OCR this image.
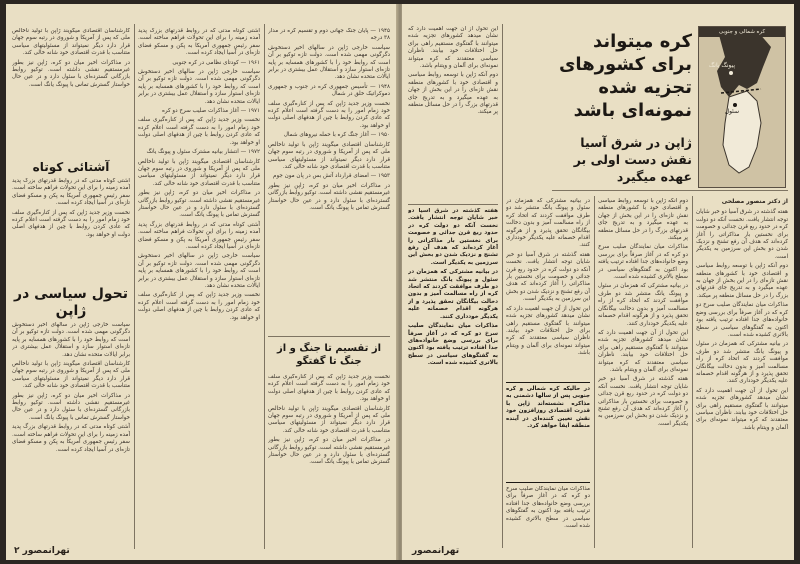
۱۹۴۵ — پایان جنگ جهانی دوم و تقسیم کره در مدار ۳۸ درجه

سیاست خارجی ژاپن در سالهای اخیر دستخوش دگرگونی مهمی شده است. دولت تازه توکیو بر آن است که روابط خود را با کشورهای همسایه بر پایه تازه‌ای استوار سازد و استقلال عمل بیشتری در برابر ایالات متحده نشان دهد.

۱۹۴۸ — تأسیس جمهوری کره در جنوب و جمهوری دموکراتیک خلق در شمال

نخست وزیر جدید ژاپن که پس از کناره‌گیری سلف خود زمام امور را به دست گرفته است اعلام کرده که عادی کردن روابط با چین از هدفهای اصلی دولت او خواهد بود.

۱۹۵۰ — آغاز جنگ کره با حمله نیروهای شمال

کارشناسان اقتصادی میگویند ژاپن با تولید ناخالص ملی که پس از آمریکا و شوروی در رتبه سوم جهان قرار دارد دیگر نمیتواند از مسئولیتهای سیاسی متناسب با قدرت اقتصادی خود شانه خالی کند.

۱۹۵۳ — امضای قرارداد آتش بس در پان مون جوم

در مذاکرات اخیر میان دو کره، ژاپن نیز بطور غیرمستقیم نقشی داشته است. توکیو روابط بازرگانی گسترده‌ای با سئول دارد و در عین حال خواستار گسترش تماس با پیونگ یانگ است.

آشتی کوتاه مدتی که در روابط قدرتهای بزرگ پدید آمده زمینه را برای این تحولات فراهم ساخته است. سفر رئیس جمهوری آمریکا به پکن و مسکو فضای تازه‌ای در آسیا ایجاد کرده است.

۱۹۶۱ — کودتای نظامی در کره جنوبی

سیاست خارجی ژاپن در سالهای اخیر دستخوش دگرگونی مهمی شده است. دولت تازه توکیو بر آن است که روابط خود را با کشورهای همسایه بر پایه تازه‌ای استوار سازد و استقلال عمل بیشتری در برابر ایالات متحده نشان دهد.

۱۹۷۱ — آغاز مذاکرات صلیب سرخ دو کره

نخست وزیر جدید ژاپن که پس از کناره‌گیری سلف خود زمام امور را به دست گرفته است اعلام کرده که عادی کردن روابط با چین از هدفهای اصلی دولت او خواهد بود.

۱۹۷۲ — انتشار بیانیه مشترک سئول و پیونگ یانگ

کارشناسان اقتصادی میگویند ژاپن با تولید ناخالص ملی که پس از آمریکا و شوروی در رتبه سوم جهان قرار دارد دیگر نمیتواند از مسئولیتهای سیاسی متناسب با قدرت اقتصادی خود شانه خالی کند.

در مذاکرات اخیر میان دو کره، ژاپن نیز بطور غیرمستقیم نقشی داشته است. توکیو روابط بازرگانی گسترده‌ای با سئول دارد و در عین حال خواستار گسترش تماس با پیونگ یانگ است.

آشتی کوتاه مدتی که در روابط قدرتهای بزرگ پدید آمده زمینه را برای این تحولات فراهم ساخته است. سفر رئیس جمهوری آمریکا به پکن و مسکو فضای تازه‌ای در آسیا ایجاد کرده است.

سیاست خارجی ژاپن در سالهای اخیر دستخوش دگرگونی مهمی شده است. دولت تازه توکیو بر آن است که روابط خود را با کشورهای همسایه بر پایه تازه‌ای استوار سازد و استقلال عمل بیشتری در برابر ایالات متحده نشان دهد.

نخست وزیر جدید ژاپن که پس از کناره‌گیری سلف خود زمام امور را به دست گرفته است اعلام کرده که عادی کردن روابط با چین از هدفهای اصلی دولت او خواهد بود.

کارشناسان اقتصادی میگویند ژاپن با تولید ناخالص ملی که پس از آمریکا و شوروی در رتبه سوم جهان قرار دارد دیگر نمیتواند از مسئولیتهای سیاسی متناسب با قدرت اقتصادی خود شانه خالی کند.

در مذاکرات اخیر میان دو کره، ژاپن نیز بطور غیرمستقیم نقشی داشته است. توکیو روابط بازرگانی گسترده‌ای با سئول دارد و در عین حال خواستار گسترش تماس با پیونگ یانگ است.

آشتائی کوتاه

آشتی کوتاه مدتی که در روابط قدرتهای بزرگ پدید آمده زمینه را برای این تحولات فراهم ساخته است. سفر رئیس جمهوری آمریکا به پکن و مسکو فضای تازه‌ای در آسیا ایجاد کرده است.

نخست وزیر جدید ژاپن که پس از کناره‌گیری سلف خود زمام امور را به دست گرفته است اعلام کرده که عادی کردن روابط با چین از هدفهای اصلی دولت او خواهد بود.

تحول سیاسی در ژاپن

سیاست خارجی ژاپن در سالهای اخیر دستخوش دگرگونی مهمی شده است. دولت تازه توکیو بر آن است که روابط خود را با کشورهای همسایه بر پایه تازه‌ای استوار سازد و استقلال عمل بیشتری در برابر ایالات متحده نشان دهد.

کارشناسان اقتصادی میگویند ژاپن با تولید ناخالص ملی که پس از آمریکا و شوروی در رتبه سوم جهان قرار دارد دیگر نمیتواند از مسئولیتهای سیاسی متناسب با قدرت اقتصادی خود شانه خالی کند.

در مذاکرات اخیر میان دو کره، ژاپن نیز بطور غیرمستقیم نقشی داشته است. توکیو روابط بازرگانی گسترده‌ای با سئول دارد و در عین حال خواستار گسترش تماس با پیونگ یانگ است.

آشتی کوتاه مدتی که در روابط قدرتهای بزرگ پدید آمده زمینه را برای این تحولات فراهم ساخته است. سفر رئیس جمهوری آمریکا به پکن و مسکو فضای تازه‌ای در آسیا ایجاد کرده است.

از تقسیم تا جنگ و از جنگ تا گفتگو

نخست وزیر جدید ژاپن که پس از کناره‌گیری سلف خود زمام امور را به دست گرفته است اعلام کرده که عادی کردن روابط با چین از هدفهای اصلی دولت او خواهد بود.

کارشناسان اقتصادی میگویند ژاپن با تولید ناخالص ملی که پس از آمریکا و شوروی در رتبه سوم جهان قرار دارد دیگر نمیتواند از مسئولیتهای سیاسی متناسب با قدرت اقتصادی خود شانه خالی کند.

در مذاکرات اخیر میان دو کره، ژاپن نیز بطور غیرمستقیم نقشی داشته است. توکیو روابط بازرگانی گسترده‌ای با سئول دارد و در عین حال خواستار گسترش تماس با پیونگ یانگ است.

تهرانمصور ۲
سئول
پیونگ یانگ
کره شمالی و جنوبی
کره میتواند برای کشورهای تجزیه شده نمونه‌ای باشد
ژاپن در شرق آسیا نقش دست اولی بر عهده میگیرد
از دکتر منصور مصلحی

هفته گذشته در شرق آسیا دو خبر شایان توجه انتشار یافت. نخست آنکه دو دولت کره در حدود ربع قرن جدائی و خصومت برای نخستین بار مذاکراتی را آغاز کرده‌اند که هدف آن رفع تشنج و نزدیک شدن دو بخش این سرزمین به یکدیگر است.

دوم آنکه ژاپن با توسعه روابط سیاسی و اقتصادی خود با کشورهای منطقه نقش تازه‌ای را در این بخش از جهان به عهده میگیرد و به تدریج جای قدرتهای بزرگ را در حل مسائل منطقه پر میکند.

مذاکرات میان نمایندگان صلیب سرخ دو کره که در آغاز صرفاً برای بررسی وضع خانواده‌های جدا افتاده ترتیب یافته بود اکنون به گفتگوهای سیاسی در سطح بالاتری کشیده شده است.

در بیانیه مشترکی که همزمان در سئول و پیونگ یانگ منتشر شد دو طرف موافقت کردند که اتحاد کره از راه مسالمت آمیز و بدون دخالت بیگانگان تحقق پذیرد و از هرگونه اقدام خصمانه علیه یکدیگر خودداری کنند.

این تحول از آن جهت اهمیت دارد که نشان میدهد کشورهای تجزیه شده میتوانند با گفتگوی مستقیم راهی برای حل اختلافات خود بیابند. ناظران سیاسی معتقدند که کره میتواند نمونه‌ای برای آلمان و ویتنام باشد.

دوم آنکه ژاپن با توسعه روابط سیاسی و اقتصادی خود با کشورهای منطقه نقش تازه‌ای را در این بخش از جهان به عهده میگیرد و به تدریج جای قدرتهای بزرگ را در حل مسائل منطقه پر میکند.

مذاکرات میان نمایندگان صلیب سرخ دو کره که در آغاز صرفاً برای بررسی وضع خانواده‌های جدا افتاده ترتیب یافته بود اکنون به گفتگوهای سیاسی در سطح بالاتری کشیده شده است.

در بیانیه مشترکی که همزمان در سئول و پیونگ یانگ منتشر شد دو طرف موافقت کردند که اتحاد کره از راه مسالمت آمیز و بدون دخالت بیگانگان تحقق پذیرد و از هرگونه اقدام خصمانه علیه یکدیگر خودداری کنند.

این تحول از آن جهت اهمیت دارد که نشان میدهد کشورهای تجزیه شده میتوانند با گفتگوی مستقیم راهی برای حل اختلافات خود بیابند. ناظران سیاسی معتقدند که کره میتواند نمونه‌ای برای آلمان و ویتنام باشد.

هفته گذشته در شرق آسیا دو خبر شایان توجه انتشار یافت. نخست آنکه دو دولت کره در حدود ربع قرن جدائی و خصومت برای نخستین بار مذاکراتی را آغاز کرده‌اند که هدف آن رفع تشنج و نزدیک شدن دو بخش این سرزمین به یکدیگر است.

در بیانیه مشترکی که همزمان در سئول و پیونگ یانگ منتشر شد دو طرف موافقت کردند که اتحاد کره از راه مسالمت آمیز و بدون دخالت بیگانگان تحقق پذیرد و از هرگونه اقدام خصمانه علیه یکدیگر خودداری کنند.

هفته گذشته در شرق آسیا دو خبر شایان توجه انتشار یافت. نخست آنکه دو دولت کره در حدود ربع قرن جدائی و خصومت برای نخستین بار مذاکراتی را آغاز کرده‌اند که هدف آن رفع تشنج و نزدیک شدن دو بخش این سرزمین به یکدیگر است.

این تحول از آن جهت اهمیت دارد که نشان میدهد کشورهای تجزیه شده میتوانند با گفتگوی مستقیم راهی برای حل اختلافات خود بیابند. ناظران سیاسی معتقدند که کره میتواند نمونه‌ای برای آلمان و ویتنام باشد.

در حالیکه کره شمالی و کره جنوبی پس از سالها دشمنی به مذاکره نشسته‌اند ژاپن با قدرت اقتصادی روزافزون خود نقش تعیین کننده‌ای در آینده منطقه ایفا خواهد کرد.

مذاکرات میان نمایندگان صلیب سرخ دو کره که در آغاز صرفاً برای بررسی وضع خانواده‌های جدا افتاده ترتیب یافته بود اکنون به گفتگوهای سیاسی در سطح بالاتری کشیده شده است.

این تحول از آن جهت اهمیت دارد که نشان میدهد کشورهای تجزیه شده میتوانند با گفتگوی مستقیم راهی برای حل اختلافات خود بیابند. ناظران سیاسی معتقدند که کره میتواند نمونه‌ای برای آلمان و ویتنام باشد.

دوم آنکه ژاپن با توسعه روابط سیاسی و اقتصادی خود با کشورهای منطقه نقش تازه‌ای را در این بخش از جهان به عهده میگیرد و به تدریج جای قدرتهای بزرگ را در حل مسائل منطقه پر میکند.

هفته گذشته در شرق آسیا دو خبر شایان توجه انتشار یافت. نخست آنکه دو دولت کره در حدود ربع قرن جدائی و خصومت برای نخستین بار مذاکراتی را آغاز کرده‌اند که هدف آن رفع تشنج و نزدیک شدن دو بخش این سرزمین به یکدیگر است.

در بیانیه مشترکی که همزمان در سئول و پیونگ یانگ منتشر شد دو طرف موافقت کردند که اتحاد کره از راه مسالمت آمیز و بدون دخالت بیگانگان تحقق پذیرد و از هرگونه اقدام خصمانه علیه یکدیگر خودداری کنند.

مذاکرات میان نمایندگان صلیب سرخ دو کره که در آغاز صرفاً برای بررسی وضع خانواده‌های جدا افتاده ترتیب یافته بود اکنون به گفتگوهای سیاسی در سطح بالاتری کشیده شده است.

تهرانمصور
